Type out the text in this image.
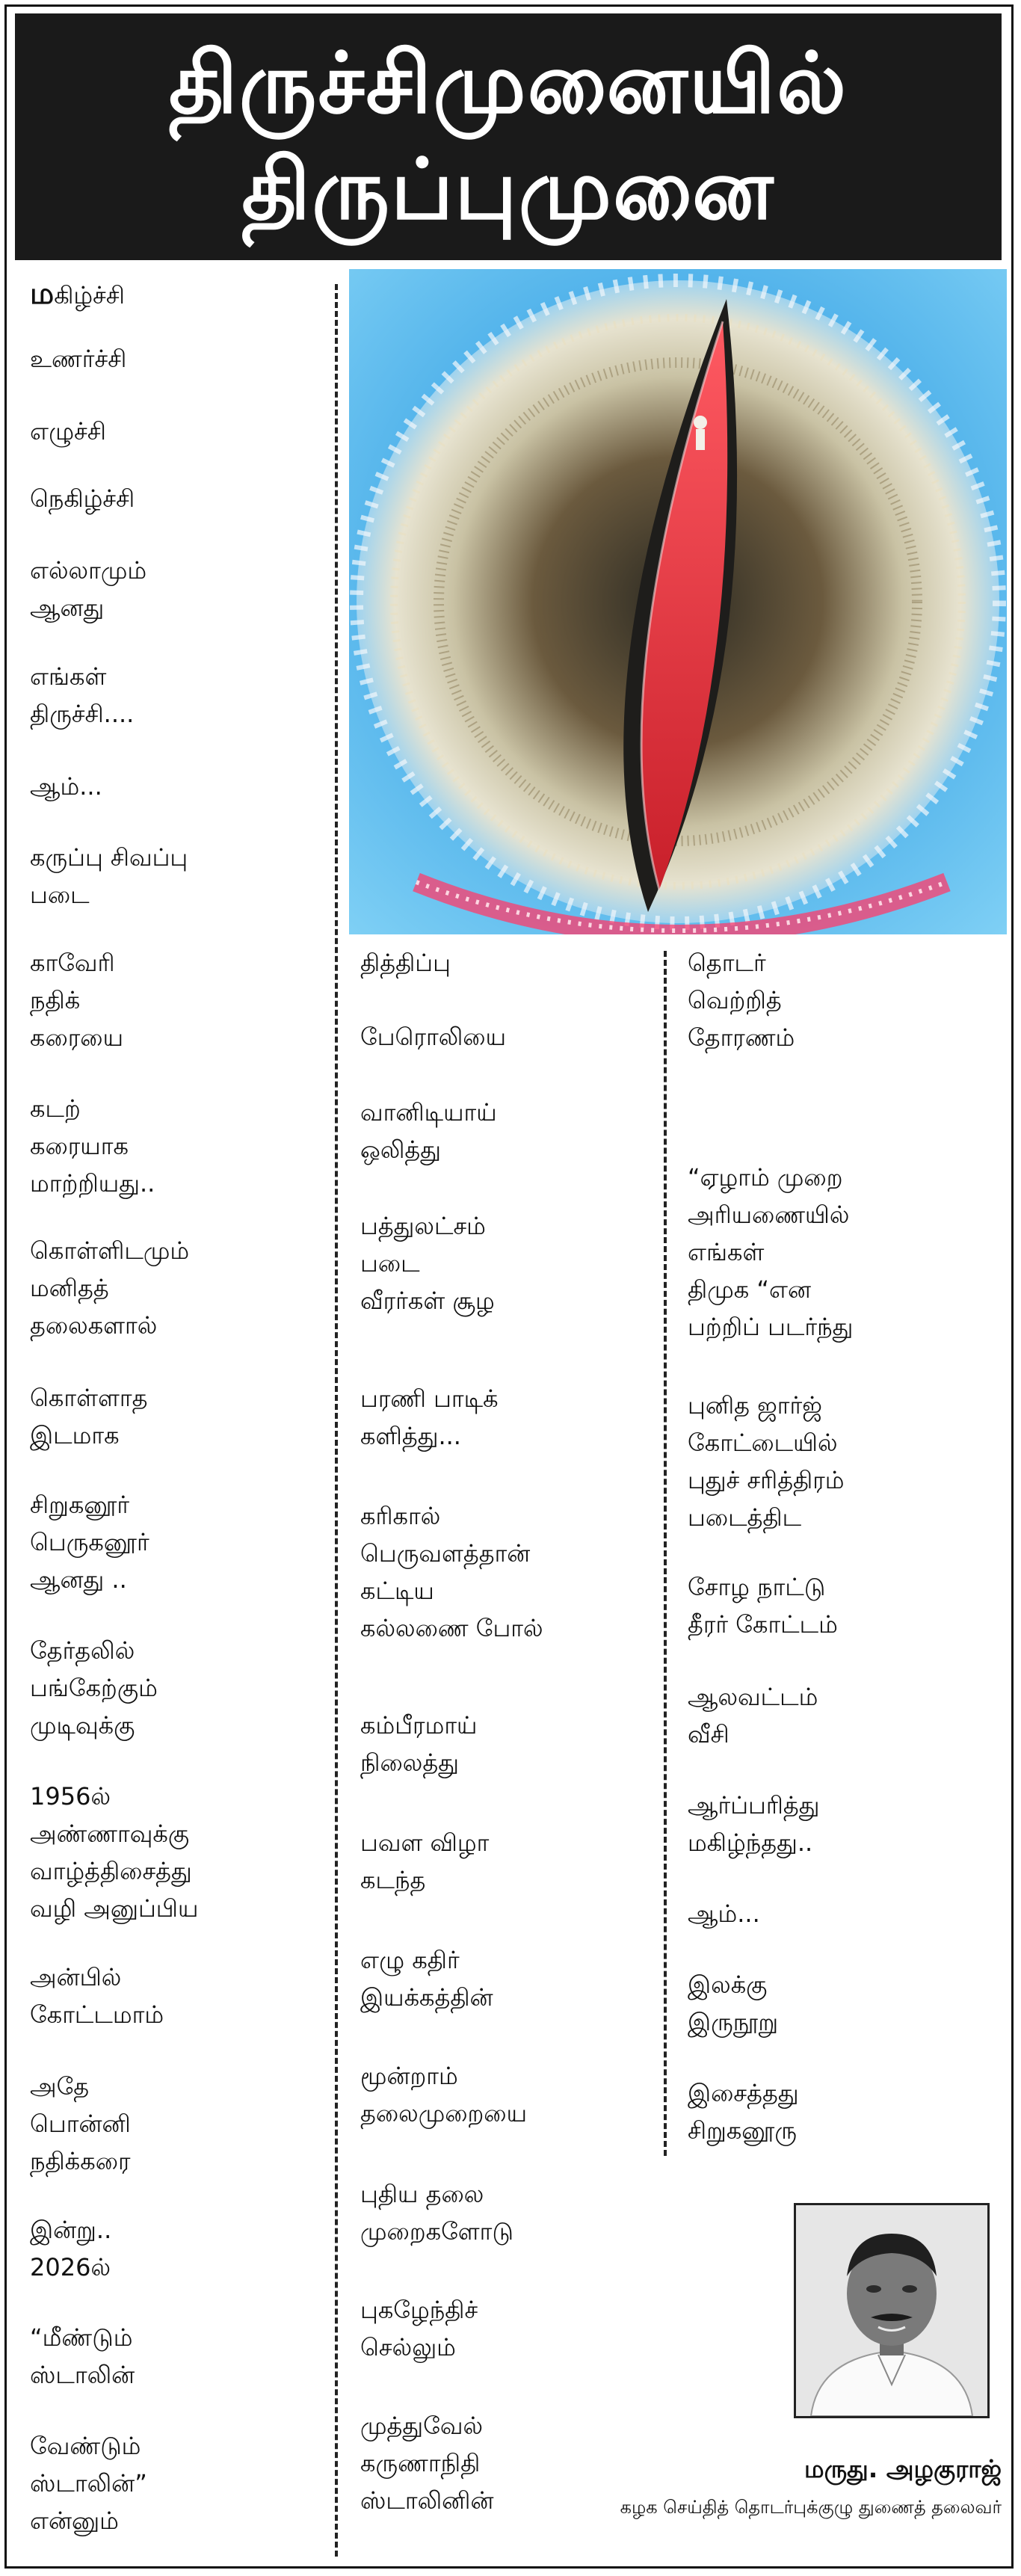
திருச்சிமுனையில்
திருப்புமுனை
மகிழ்ச்சி
உணர்ச்சி
எழுச்சி
நெகிழ்ச்சி
எல்லாமும்
ஆனது
எங்கள்
திருச்சி....
ஆம்...
கருப்பு சிவப்பு
படை
காவேரி
நதிக்
கரையை
கடற்
கரையாக
மாற்றியது..
கொள்ளிடமும்
மனிதத்
தலைகளால்
கொள்ளாத
இடமாக
சிறுகனூர்
பெருகனூர்
ஆனது ..
தேர்தலில்
பங்கேற்கும்
முடிவுக்கு
1956ல்
அண்ணாவுக்கு
வாழ்த்திசைத்து
வழி அனுப்பிய
அன்பில்
கோட்டமாம்
அதே
பொன்னி
நதிக்கரை
இன்று..
2026ல்
“மீண்டும்
ஸ்டாலின்
வேண்டும்
ஸ்டாலின்”
என்னும்
தித்திப்பு
பேரொலியை
வானிடியாய்
ஒலித்து
பத்துலட்சம்
படை
வீரர்கள் சூழ
பரணி பாடிக்
களித்து...
கரிகால்
பெருவளத்தான்
கட்டிய
கல்லணை போல்
கம்பீரமாய்
நிலைத்து
பவள விழா
கடந்த
எழு கதிர்
இயக்கத்தின்
மூன்றாம்
தலைமுறையை
புதிய தலை
முறைகளோடு
புகழேந்திச்
செல்லும்
முத்துவேல்
கருணாநிதி
ஸ்டாலினின்
தொடர்
வெற்றித்
தோரணம்
“ஏழாம் முறை
அரியணையில்
எங்கள்
திமுக “என
பற்றிப் படர்ந்து
புனித ஜார்ஜ்
கோட்டையில்
புதுச் சரித்திரம்
படைத்திட
சோழ நாட்டு
தீரர் கோட்டம்
ஆலவட்டம்
வீசி
ஆர்ப்பரித்து
மகிழ்ந்தது..
ஆம்...
இலக்கு
இருநூறு
இசைத்தது
சிறுகனூரு
மருது. அழகுராஜ்
கழக செய்தித் தொடர்புக்குழு துணைத் தலைவர்
